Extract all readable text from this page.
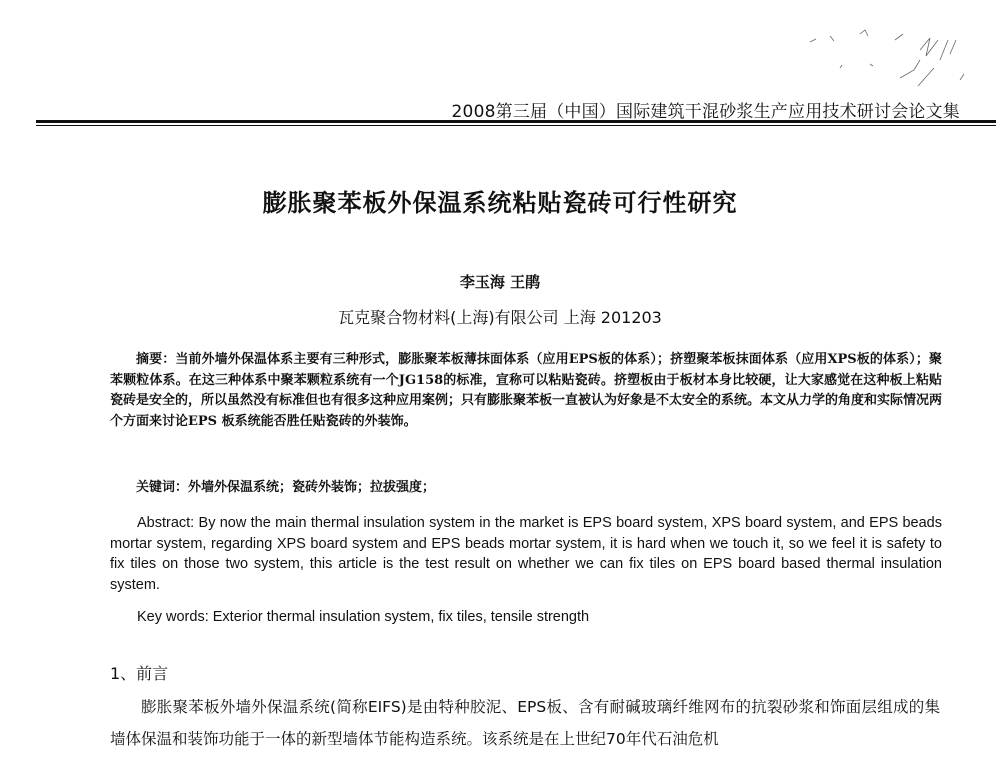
2008第三届（中国）国际建筑干混砂浆生产应用技术研讨会论文集
膨胀聚苯板外保温系统粘贴瓷砖可行性研究
李玉海 王鹃
瓦克聚合物材料(上海)有限公司 上海 201203
摘要：当前外墙外保温体系主要有三种形式，膨胀聚苯板薄抹面体系（应用EPS板的体系）；挤塑聚苯板抹面体系（应用XPS板的体系）；聚苯颗粒体系。在这三种体系中聚苯颗粒系统有一个JG158的标准，宣称可以粘贴瓷砖。挤塑板由于板材本身比较硬，让大家感觉在这种板上粘贴瓷砖是安全的，所以虽然没有标准但也有很多这种应用案例；只有膨胀聚苯板一直被认为好象是不太安全的系统。本文从力学的角度和实际情况两个方面来讨论EPS 板系统能否胜任贴瓷砖的外装饰。
关键词：外墙外保温系统；瓷砖外装饰；拉拔强度；
Abstract: By now the main thermal insulation system in the market is EPS board system, XPS board system, and EPS beads mortar system, regarding XPS board system and EPS beads mortar system, it is hard when we touch it, so we feel it is safety to fix tiles on those two system, this article is the test result on whether we can fix tiles on EPS board based thermal insulation system.
Key words: Exterior thermal insulation system, fix tiles, tensile strength
1、前言
膨胀聚苯板外墙外保温系统(简称EIFS)是由特种胶泥、EPS板、含有耐碱玻璃纤维网布的抗裂砂浆和饰面层组成的集墙体保温和装饰功能于一体的新型墙体节能构造系统。该系统是在上世纪70年代石油危机
